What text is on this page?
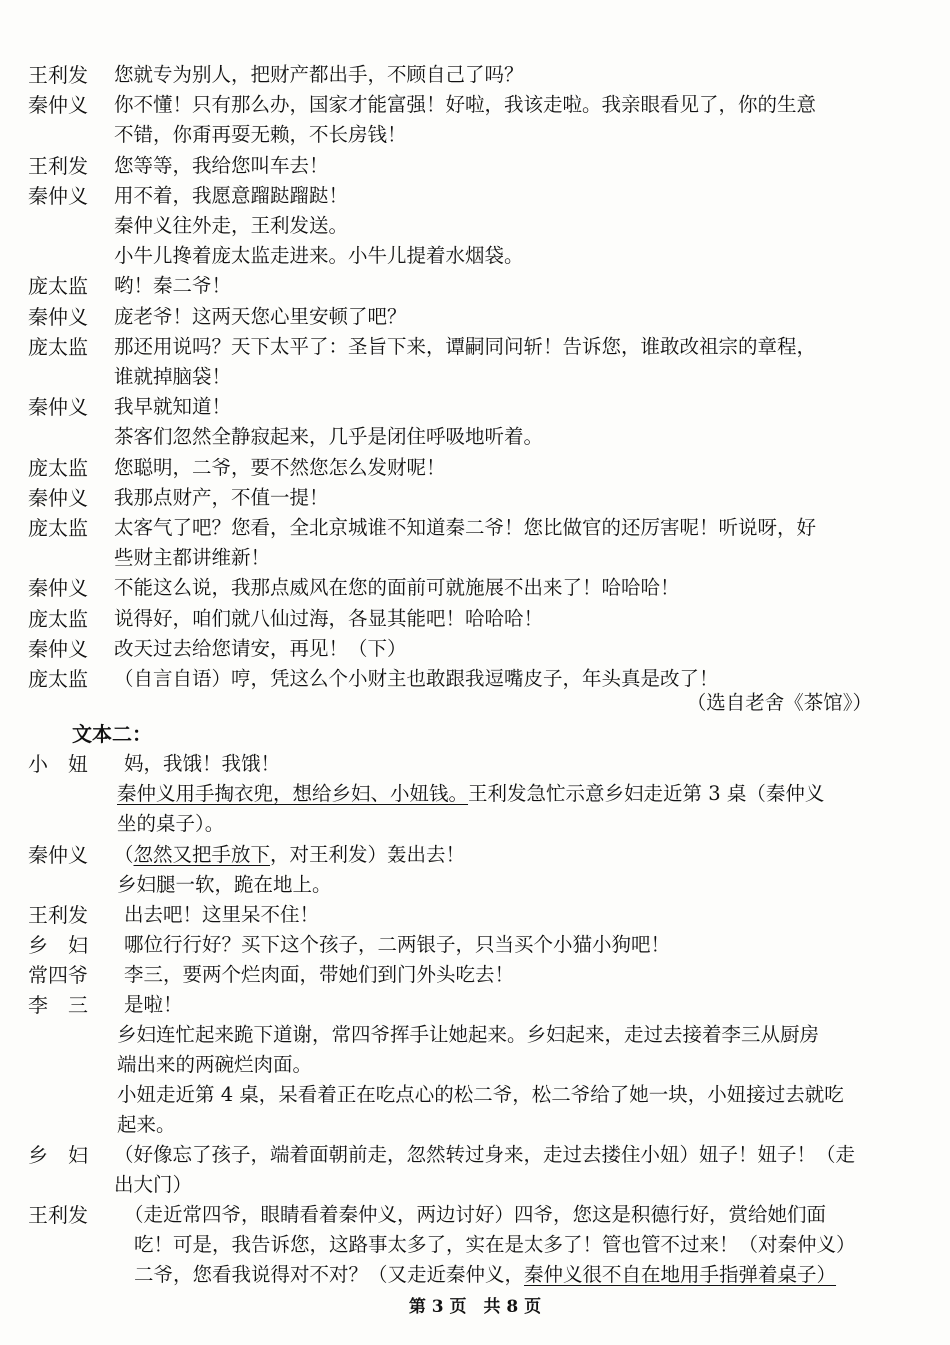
王利发	您就专为别人，把财产都出手，不顾自己了吗？
秦仲义	你不懂！只有那么办，国家才能富强！好啦，我该走啦。我亲眼看见了，你的生意
不错，你甭再耍无赖，不长房钱！
王利发	您等等，我给您叫车去！
秦仲义	用不着，我愿意蹓跶蹓跶！
秦仲义往外走，王利发送。
小牛儿搀着庞太监走进来。小牛儿提着水烟袋。
庞太监	哟！秦二爷！
秦仲义	庞老爷！这两天您心里安顿了吧？
庞太监	那还用说吗？天下太平了：圣旨下来，谭嗣同问斩！告诉您，谁敢改祖宗的章程，
谁就掉脑袋！
秦仲义	我早就知道！
茶客们忽然全静寂起来，几乎是闭住呼吸地听着。
庞太监	您聪明，二爷，要不然您怎么发财呢！
秦仲义	我那点财产，不值一提！
庞太监	太客气了吧？您看，全北京城谁不知道秦二爷！您比做官的还厉害呢！听说呀，好
些财主都讲维新！
秦仲义	不能这么说，我那点威风在您的面前可就施展不出来了！哈哈哈！
庞太监	说得好，咱们就八仙过海，各显其能吧！哈哈哈！
秦仲义	改天过去给您请安，再见！（下）
庞太监	（自言自语）哼，凭这么个小财主也敢跟我逗嘴皮子，年头真是改了！
（选自老舍《茶馆》）
文本二：
小　妞	妈，我饿！我饿！
秦仲义用手掏衣兜，想给乡妇、小妞钱。王利发急忙示意乡妇走近第 3 桌（秦仲义
坐的桌子）。
秦仲义	（忽然又把手放下，对王利发）轰出去！
乡妇腿一软，跪在地上。
王利发	出去吧！这里呆不住！
乡　妇	哪位行行好？买下这个孩子，二两银子，只当买个小猫小狗吧！
常四爷	李三，要两个烂肉面，带她们到门外头吃去！
李　三	是啦！
乡妇连忙起来跪下道谢，常四爷挥手让她起来。乡妇起来，走过去接着李三从厨房
端出来的两碗烂肉面。
小妞走近第 4 桌，呆看着正在吃点心的松二爷，松二爷给了她一块，小妞接过去就吃
起来。
乡　妇	（好像忘了孩子，端着面朝前走，忽然转过身来，走过去搂住小妞）妞子！妞子！（走
出大门）
王利发	（走近常四爷，眼睛看着秦仲义，两边讨好）四爷，您这是积德行好，赏给她们面
吃！可是，我告诉您，这路事太多了，实在是太多了！管也管不过来！（对秦仲义）
二爷，您看我说得对不对？（又走近秦仲义，秦仲义很不自在地用手指弹着桌子）
第 3 页　共 8 页
